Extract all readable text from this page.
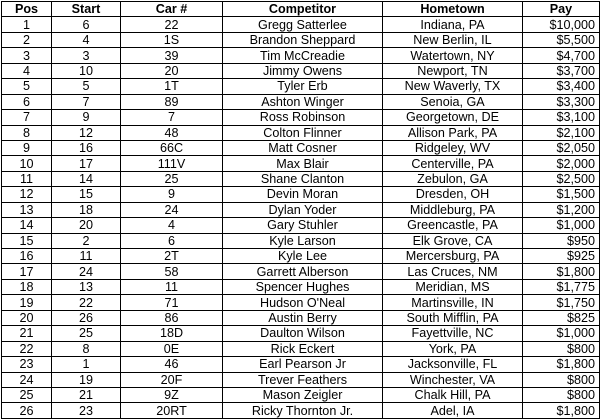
Pos	Start	Car #	Competitor	Hometown	Pay
1	6	22	Gregg Satterlee	Indiana, PA	$10,000
2	4	1S	Brandon Sheppard	New Berlin, IL	$5,500
3	3	39	Tim McCreadie	Watertown, NY	$4,700
4	10	20	Jimmy Owens	Newport, TN	$3,700
5	5	1T	Tyler Erb	New Waverly, TX	$3,400
6	7	89	Ashton Winger	Senoia, GA	$3,300
7	9	7	Ross Robinson	Georgetown, DE	$3,100
8	12	48	Colton Flinner	Allison Park, PA	$2,100
9	16	66C	Matt Cosner	Ridgeley, WV	$2,050
10	17	111V	Max Blair	Centerville, PA	$2,000
11	14	25	Shane Clanton	Zebulon, GA	$2,500
12	15	9	Devin Moran	Dresden, OH	$1,500
13	18	24	Dylan Yoder	Middleburg, PA	$1,200
14	20	4	Gary Stuhler	Greencastle, PA	$1,000
15	2	6	Kyle Larson	Elk Grove, CA	$950
16	11	2T	Kyle Lee	Mercersburg, PA	$925
17	24	58	Garrett Alberson	Las Cruces, NM	$1,800
18	13	11	Spencer Hughes	Meridian, MS	$1,775
19	22	71	Hudson O'Neal	Martinsville, IN	$1,750
20	26	86	Austin Berry	South Mifflin, PA	$825
21	25	18D	Daulton Wilson	Fayettville, NC	$1,000
22	8	0E	Rick Eckert	York, PA	$800
23	1	46	Earl Pearson Jr	Jacksonville, FL	$1,800
24	19	20F	Trever Feathers	Winchester, VA	$800
25	21	9Z	Mason Zeigler	Chalk Hill, PA	$800
26	23	20RT	Ricky Thornton Jr.	Adel, IA	$1,800
